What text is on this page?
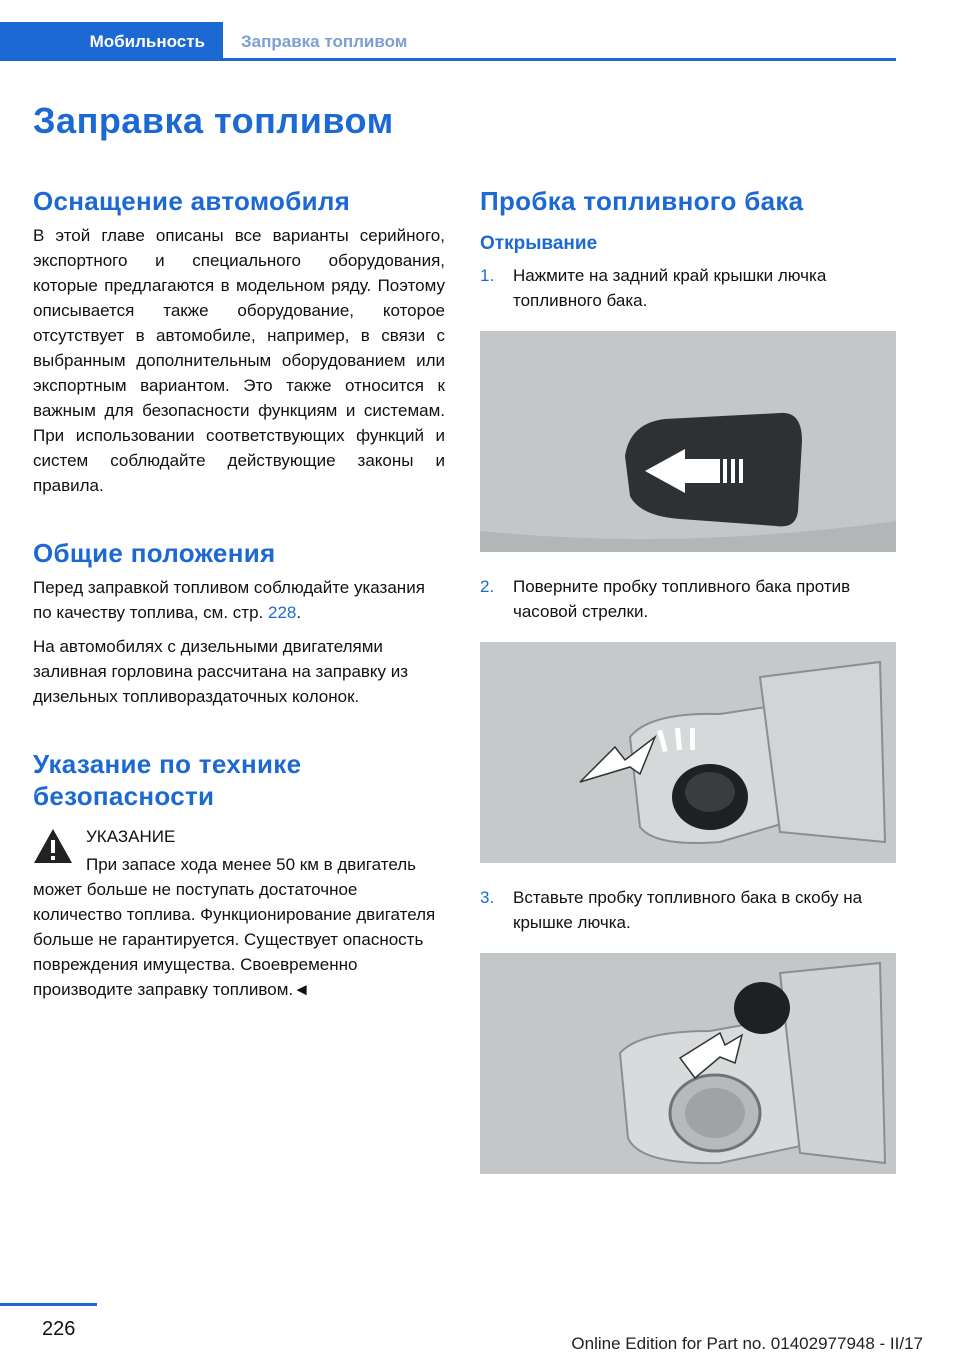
Мобильность	Заправка топливом
Заправка топливом
Оснащение автомобиля

В этой главе описаны все варианты серийного, экспортного и специального оборудования, которые предлагаются в модельном ряду. Поэтому описывается также оборудование, которое отсутствует в автомобиле, например, в связи с выбранным дополнительным оборудованием или экспортным вариантом. Это также относится к важным для безопасности функциям и системам. При использовании соответствующих функций и систем соблюдайте действующие законы и правила.

Общие положения

Перед заправкой топливом соблюдайте указания по качеству топлива, см. стр. 228.

На автомобилях с дизельными двигателями заливная горловина рассчитана на заправку из дизельных топливораздаточных колонок.

Указание по технике безопасности

УКАЗАНИЕ

При запасе хода менее 50 км в двигатель может больше не поступать достаточное количество топлива. Функционирование двигателя больше не гарантируется. Существует опасность повреждения имущества. Своевременно производите заправку топливом.◄

Пробка топливного бака
Открывание
1. Нажмите на задний край крышки лючка топливного бака.
2. Поверните пробку топливного бака против часовой стрелки.
3. Вставьте пробку топливного бака в скобу на крышке лючка.
226
Online Edition for Part no. 01402977948 - II/17
